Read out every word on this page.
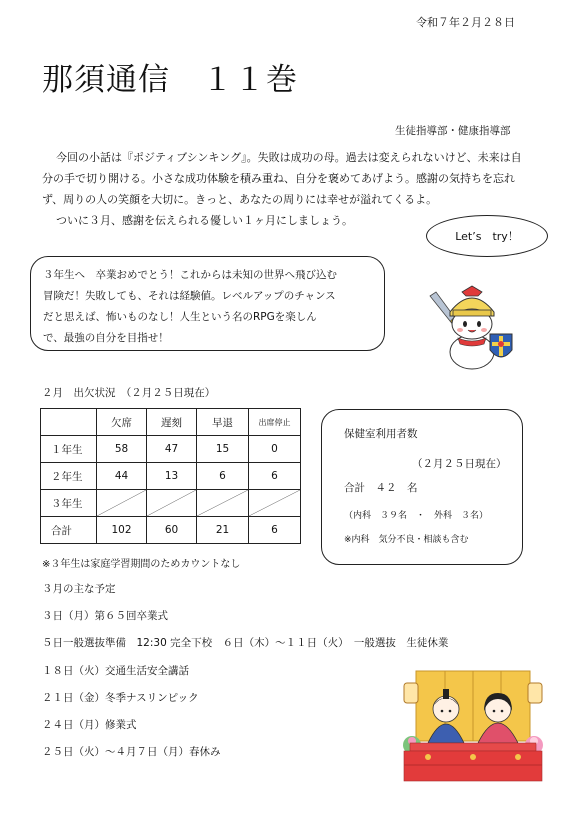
令和７年２月２８日
那須通信　１１巻
生徒指導部・健康指導部

今回の小話は『ポジティブシンキング』。失敗は成功の母。過去は変えられないけど、未来は自分の手で切り開ける。小さな成功体験を積み重ね、自分を褒めてあげよう。感謝の気持ちを忘れず、周りの人の笑顔を大切に。きっと、あなたの周りには幸せが溢れてくるよ。

ついに３月、感謝を伝えられる優しい１ヶ月にしましょう。

Let’s　try！
３年生へ　卒業おめでとう！これからは未知の世界へ飛び込む
冒険だ！失敗しても、それは経験値。レベルアップのチャンス
だと思えば、怖いものなし！人生という名のRPGを楽しん
で、最強の自分を目指せ！
２月　出欠状況　（２月２５日現在）
	欠席	遅刻	早退	出席停止
１年生	58	47	15	0
２年生	44	13	6	6
３年生	

合計	102	60	21	6
※３年生は家庭学習期間のためカウントなし
保健室利用者数
（２月２５日現在）
合計　４２　名
（内科　３９名　・　外科　３名）
※内科　気分不良・相談も含む
３月の主な予定
３日（月）第６５回卒業式
５日一般選抜準備　12:30 完全下校　６日（木）～１１日（火）　一般選抜　生徒休業
１８日（火）交通生活安全講話
２１日（金）冬季ナスリンピック
２４日（月）修業式
２５日（火）～４月７日（月）春休み
